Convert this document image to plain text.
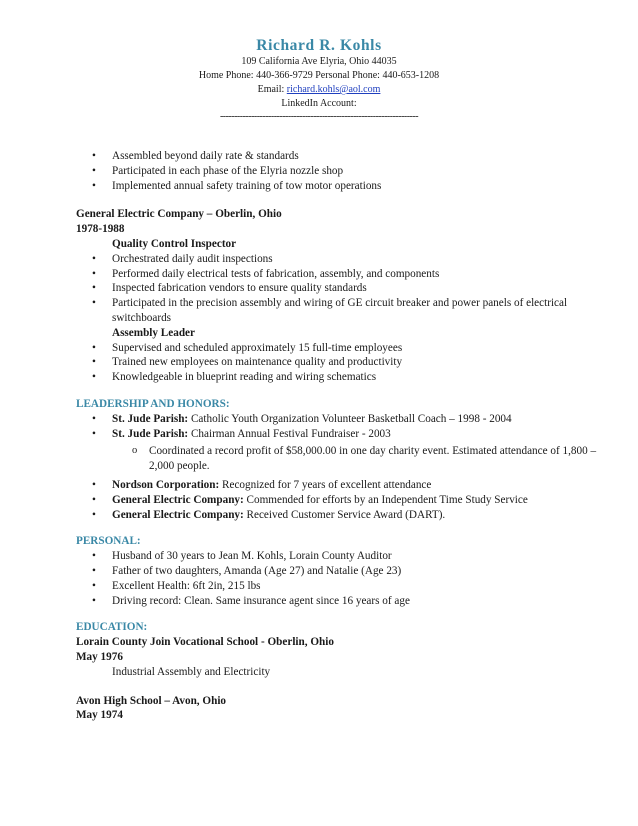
Richard R. Kohls
109 California Ave Elyria, Ohio 44035
Home Phone: 440-366-9729 Personal Phone: 440-653-1208
Email: richard.kohls@aol.com
LinkedIn Account:
----------------------------------------------------------------------
• Assembled beyond daily rate & standards
• Participated in each phase of the Elyria nozzle shop
• Implemented annual safety training of tow motor operations
General Electric Company – Oberlin, Ohio
1978-1988
Quality Control Inspector
• Orchestrated daily audit inspections
• Performed daily electrical tests of fabrication, assembly, and components
• Inspected fabrication vendors to ensure quality standards
• Participated in the precision assembly and wiring of GE circuit breaker and power panels of electrical switchboards
Assembly Leader
• Supervised and scheduled approximately 15 full-time employees
• Trained new employees on maintenance quality and productivity
• Knowledgeable in blueprint reading and wiring schematics
LEADERSHIP AND HONORS:
• St. Jude Parish: Catholic Youth Organization Volunteer Basketball Coach – 1998 - 2004
• St. Jude Parish: Chairman Annual Festival Fundraiser - 2003
o Coordinated a record profit of $58,000.00 in one day charity event. Estimated attendance of 1,800 – 2,000 people.
• Nordson Corporation: Recognized for 7 years of excellent attendance
• General Electric Company: Commended for efforts by an Independent Time Study Service
• General Electric Company: Received Customer Service Award (DART).
PERSONAL:
• Husband of 30 years to Jean M. Kohls, Lorain County Auditor
• Father of two daughters, Amanda (Age 27) and Natalie (Age 23)
• Excellent Health: 6ft 2in, 215 lbs
• Driving record: Clean. Same insurance agent since 16 years of age
EDUCATION:
Lorain County Join Vocational School - Oberlin, Ohio
May 1976
Industrial Assembly and Electricity
Avon High School – Avon, Ohio
May 1974
